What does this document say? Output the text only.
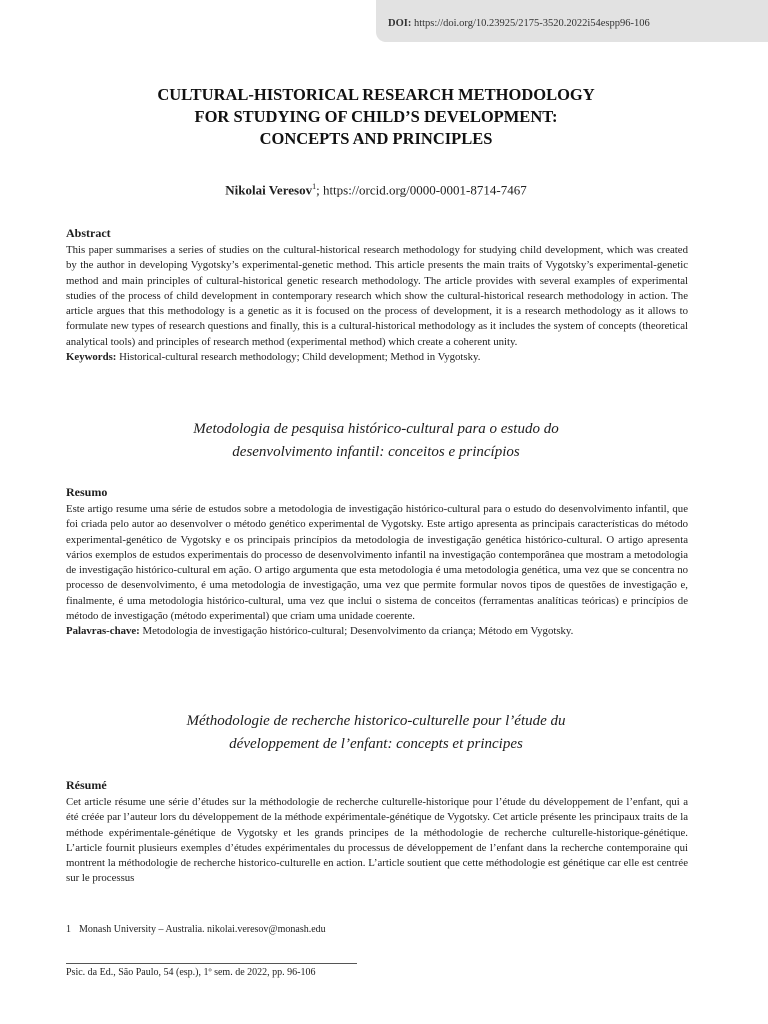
DOI: https://doi.org/10.23925/2175-3520.2022i54espp96-106
CULTURAL-HISTORICAL RESEARCH METHODOLOGY
FOR STUDYING OF CHILD’S DEVELOPMENT:
CONCEPTS AND PRINCIPLES
Nikolai Veresov$^1$; https://orcid.org/0000-0001-8714-7467
Abstract

This paper summarises a series of studies on the cultural-historical research methodology for studying child development, which was created by the author in developing Vygotsky’s experimental-genetic method. This article presents the main traits of Vygotsky’s experimental-genetic method and main principles of cultural-historical genetic research methodology. The article provides with several examples of experimental studies of the process of child development in contemporary research which show the cultural-historical research methodology in action. The article argues that this methodology is a genetic as it is focused on the process of development, it is a research methodology as it allows to formulate new types of research questions and finally, this is a cultural-historical methodology as it includes the system of concepts (theoretical analytical tools) and principles of research method (experimental method) which create a coherent unity.

Keywords: Historical-cultural research methodology; Child development; Method in Vygotsky.

Metodologia de pesquisa histórico-cultural para o estudo do
desenvolvimento infantil: conceitos e princípios
Resumo

Este artigo resume uma série de estudos sobre a metodologia de investigação histórico-cultural para o estudo do desenvolvimento infantil, que foi criada pelo autor ao desenvolver o método genético experimental de Vygotsky. Este artigo apresenta as principais características do método experimental-genético de Vygotsky e os principais princípios da metodologia de investigação genética histórico-cultural. O artigo apresenta vários exemplos de estudos experimentais do processo de desenvolvimento infantil na investigação contemporânea que mostram a metodologia de investigação histórico-cultural em ação. O artigo argumenta que esta metodologia é uma metodologia genética, uma vez que se concentra no processo de desenvolvimento, é uma metodologia de investigação, uma vez que permite formular novos tipos de questões de investigação e, finalmente, é uma metodologia histórico-cultural, uma vez que inclui o sistema de conceitos (ferramentas analíticas teóricas) e princípios de método de investigação (método experimental) que criam uma unidade coerente.

Palavras-chave: Metodologia de investigação histórico-cultural; Desenvolvimento da criança; Método em Vygotsky.

Méthodologie de recherche historico-culturelle pour l’étude du
développement de l’enfant: concepts et principes
Résumé

Cet article résume une série d’études sur la méthodologie de recherche culturelle-historique pour l’étude du développement de l’enfant, qui a été créée par l’auteur lors du développement de la méthode expérimentale-génétique de Vygotsky. Cet article présente les principaux traits de la méthode expérimentale-génétique de Vygotsky et les grands principes de la méthodologie de recherche culturelle-historique-génétique. L’article fournit plusieurs exemples d’études expérimentales du processus de développement de l’enfant dans la recherche contemporaine qui montrent la méthodologie de recherche historico-culturelle en action. L’article soutient que cette méthodologie est génétique car elle est centrée sur le processus

1 Monash University – Australia. nikolai.veresov@monash.edu
Psic. da Ed., São Paulo, 54 (esp.), 1º sem. de 2022, pp. 96-106
